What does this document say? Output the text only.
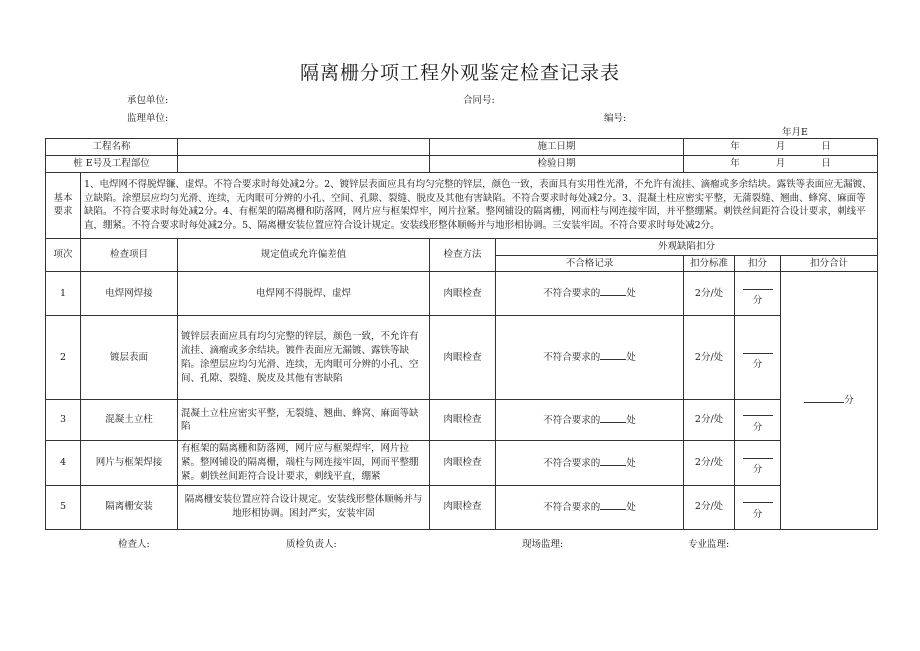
隔离栅分项工程外观鉴定检查记录表
承包单位:	合同号:
监理单位:	编号:
年月E
工程名称			施工日期		年 月 日		
桩 E号及工程部位			检验日期		年 月 日		
基本要求	1、电焊网不得脱焊镰、虚焊。不符合要求时每处减2分。2、镀锌层表面应具有均匀完整的锌层，颜色一致，表面具有实用性光滑，不允许有流挂、滴瘤或多余结块。露铁等表面应无漏镀、立缺陷。涂塑层应均匀光滑、连续，无肉眼可分辨的小孔、空间、孔隙、裂缝、脱皮及其他有害缺陷。不符合要求时每处减2分。3、混凝土柱应密实平整，无蒲裂缝、翘曲、蜂窝、麻面等缺陷。不符合要求时每处减2分。4、有框架的隔离栅和防落网，网片应与框架焊牢，网片拉紧。整网铺设的隔离栅，网而柱与网连接牢固，并平整绷紧。刺铁丝间距符合设计要求，刺线平直，绷紧。不符合要求时每处减2分。5、隔离栅安装位置应符合设计规定。安装线形整体顺畅并与地形相协调。三安装牢固。不符合要求时每处减2分。						
项次	检查项目	规定值或允许偏差值	检查方法	外观缺陷扣分			
				不合格记录	扣分标准	扣分	扣分合计
1	电焊网焊接	电焊网不得脱焊、虚焊	肉眼检查	不符合要求的 处	2分/处	分	分
2	镀层表面	镀锌层表面应具有均匀完整的锌层，颜色一致，不允许有流挂、滴瘤或多余结块。镀件表面应无漏镀、露铁等缺陷。涂塑层应均匀光滑、连续，无肉眼可分辨的小孔、空间、孔隙、裂缝、脱皮及其他有害缺陷	肉眼检查	不符合要求的 处	2分/处	分	
3	混凝土立柱	混凝土立柱应密实平整，无裂缝、翘曲、蜂窝、麻面等缺陷	肉眼检查	不符合要求的 处	2分/处	分	
4	网片与框架焊接	有框架的隔离栅和防落网，网片应与框架焊牢，网片拉紧。整网铺设的隔离栅，端柱与网连接牢固，网而平整绷紧。刺铁丝间距符合设计要求，刺线平直，绷紧	肉眼检查	不符合要求的 处	2分/处	分	
5	隔离栅安装	隔离栅安装位置应符合设计规定。安装线形整体顺畅并与地形相协调。困封严实，安装牢固	肉眼检查	不符合要求的 处	2分/处	分	
检查人:	质检负责人:	现场监理:	专业监理:
